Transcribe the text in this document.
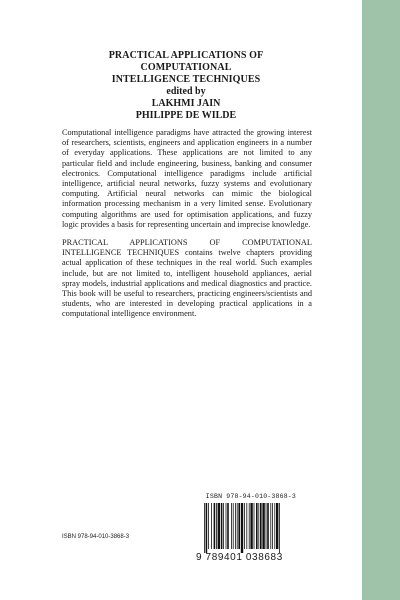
PRACTICAL APPLICATIONS OF COMPUTATIONAL
INTELLIGENCE TECHNIQUES
edited by
LAKHMI JAIN
PHILIPPE DE WILDE

Computational intelligence paradigms have attracted the growing interest of researchers, scientists, engineers and application engineers in a number of everyday applications. These applications are not limited to any particular field and include engineering, business, banking and consumer electronics. Computational intelligence paradigms include artificial intelligence, artificial neural networks, fuzzy systems and evolutionary computing. Artificial neural networks can mimic the biological information processing mechanism in a very limited sense. Evolutionary computing algorithms are used for optimisation applications, and fuzzy logic provides a basis for representing uncertain and imprecise knowledge.

PRACTICAL APPLICATIONS OF COMPUTATIONAL INTELLIGENCE TECHNIQUES contains twelve chapters providing actual application of these techniques in the real world. Such examples include, but are not limited to, intelligent household appliances, aerial spray models, industrial applications and medical diagnostics and practice. This book will be useful to researchers, practicing engineers/scientists and students, who are interested in developing practical applications in a computational intelligence environment.

ISBN 978-94-010-3868-3
9 789401 038683
ISBN 978-94-010-3868-3
